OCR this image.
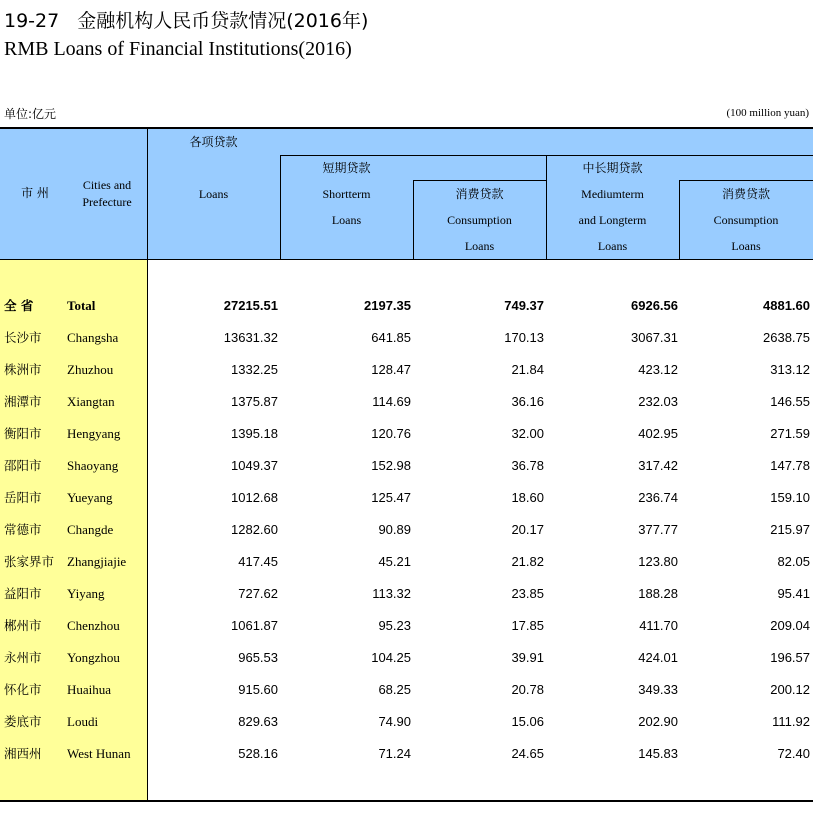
19-27 金融机构人民币贷款情况(2016年)
RMB Loans of Financial Institutions(2016)
单位:亿元	(100 million yuan)
市 州
Cities and Prefecture
各项贷款
Loans
短期贷款
Shortterm
Loans
消费贷款
Consumption
Loans
中长期贷款
Mediumterm
and Longterm
Loans
消费贷款
Consumption
Loans
全 省	Total	27215.51	2197.35	749.37	6926.56	4881.60
长沙市 Changsha	13631.32	641.85	170.13	3067.31	2638.75
株洲市 Zhuzhou	1332.25	128.47	21.84	423.12	313.12
湘潭市 Xiangtan	1375.87	114.69	36.16	232.03	146.55
衡阳市 Hengyang	1395.18	120.76	32.00	402.95	271.59
邵阳市 Shaoyang	1049.37	152.98	36.78	317.42	147.78
岳阳市 Yueyang	1012.68	125.47	18.60	236.74	159.10
常德市 Changde	1282.60	90.89	20.17	377.77	215.97
张家界市 Zhangjiajie	417.45	45.21	21.82	123.80	82.05
益阳市 Yiyang	727.62	113.32	23.85	188.28	95.41
郴州市 Chenzhou	1061.87	95.23	17.85	411.70	209.04
永州市 Yongzhou	965.53	104.25	39.91	424.01	196.57
怀化市 Huaihua	915.60	68.25	20.78	349.33	200.12
娄底市 Loudi	829.63	74.90	15.06	202.90	111.92
湘西州 West Hunan	528.16	71.24	24.65	145.83	72.40
